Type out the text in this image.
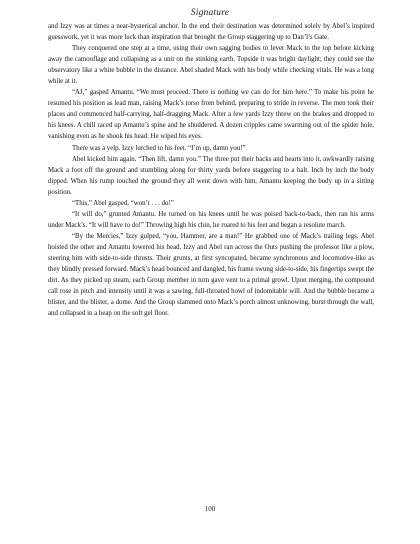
Signature

and Izzy was at times a near-hysterical anchor. In the end their destination was determined solely by Abel’s inspired guesswork, yet it was more luck than inspiration that brought the Group staggering up to Dan’l’s Gate.

They conquered one step at a time, using their own sagging bodies to lever Mack to the top before kicking away the camouflage and collapsing as a unit on the stinking earth. Topside it was bright daylight; they could see the observatory like a white bubble in the distance. Abel shaded Mack with his body while checking vitals. He was a long while at it.

“AJ,” gasped Amantu. “We must proceed. There is nothing we can do for him here.” To make his point he resumed his position as lead man, raising Mack’s torso from behind, preparing to stride in reverse. The men took their places and commenced half-carrying, half-dragging Mack. After a few yards Izzy threw on the brakes and dropped to his knees. A chill raced up Amantu’s spine and he shuddered. A dozen cripples came swarming out of the spider hole, vanishing even as he shook his head. He wiped his eyes.

There was a yelp. Izzy lurched to his feet. “I’m up, damn you!”

Abel kicked him again. “Then lift, damn you.” The three put their backs and hearts into it, awkwardly raising Mack a foot off the ground and stumbling along for thirty yards before staggering to a halt. Inch by inch the body dipped. When his rump touched the ground they all went down with him, Amantu keeping the body up in a sitting position.

“This,” Abel gasped, “won’t . . . do!”

“It will do,” grunted Amantu. He turned on his knees until he was poised back-to-back, then ran his arms under Mack’s. “It will have to do!” Throwing high his chin, he roared to his feet and began a resolute march.

“By the Mercies,” Izzy gulped, “you, Hammer, are a man!” He grabbed one of Mack’s trailing legs. Abel hoisted the other and Amantu lowered his head. Izzy and Abel ran across the Outs pushing the professor like a plow, steering him with side-to-side thrusts. Their grunts, at first syncopated, became synchronous and locomotive-like as they blindly pressed forward. Mack’s head bounced and dangled, his frame swung side-to-side, his fingertips swept the dirt. As they picked up steam, each Group member in turn gave vent to a primal growl. Upon merging, the compound call rose in pitch and intensity until it was a sawing, full-throated howl of indomitable will. And the bubble became a blister, and the blister, a dome. And the Group slammed onto Mack’s porch almost unknowing, burst through the wall, and collapsed in a heap on the soft gel floor.

100
